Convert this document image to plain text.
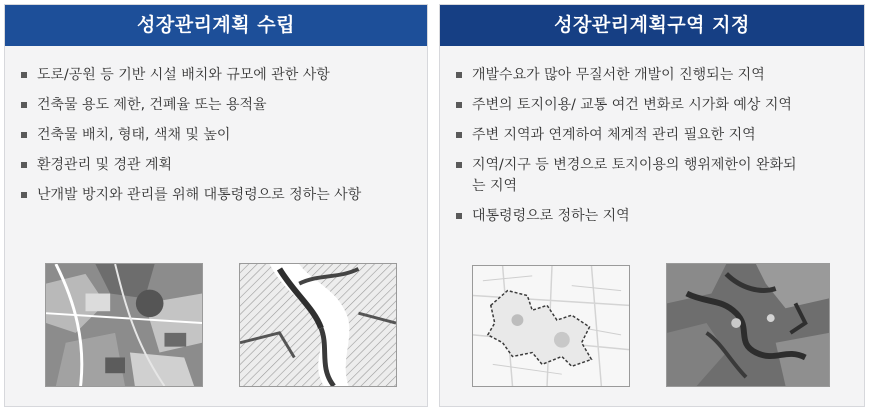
성장관리계획 수립
도로/공원 등 기반 시설 배치와 규모에 관한 사항
건축물 용도 제한, 건폐율 또는 용적율
건축물 배치, 형태, 색채 및 높이
환경관리 및 경관 계획
난개발 방지와 관리를 위해 대통령령으로 정하는 사항
성장관리계획구역 지정
개발수요가 많아 무질서한 개발이 진행되는 지역
주변의 토지이용/ 교통 여건 변화로 시가화 예상 지역
주변 지역과 연계하여 체계적 관리 필요한 지역
지역/지구 등 변경으로 토지이용의 행위제한이 완화되는 지역
대통령령으로 정하는 지역
